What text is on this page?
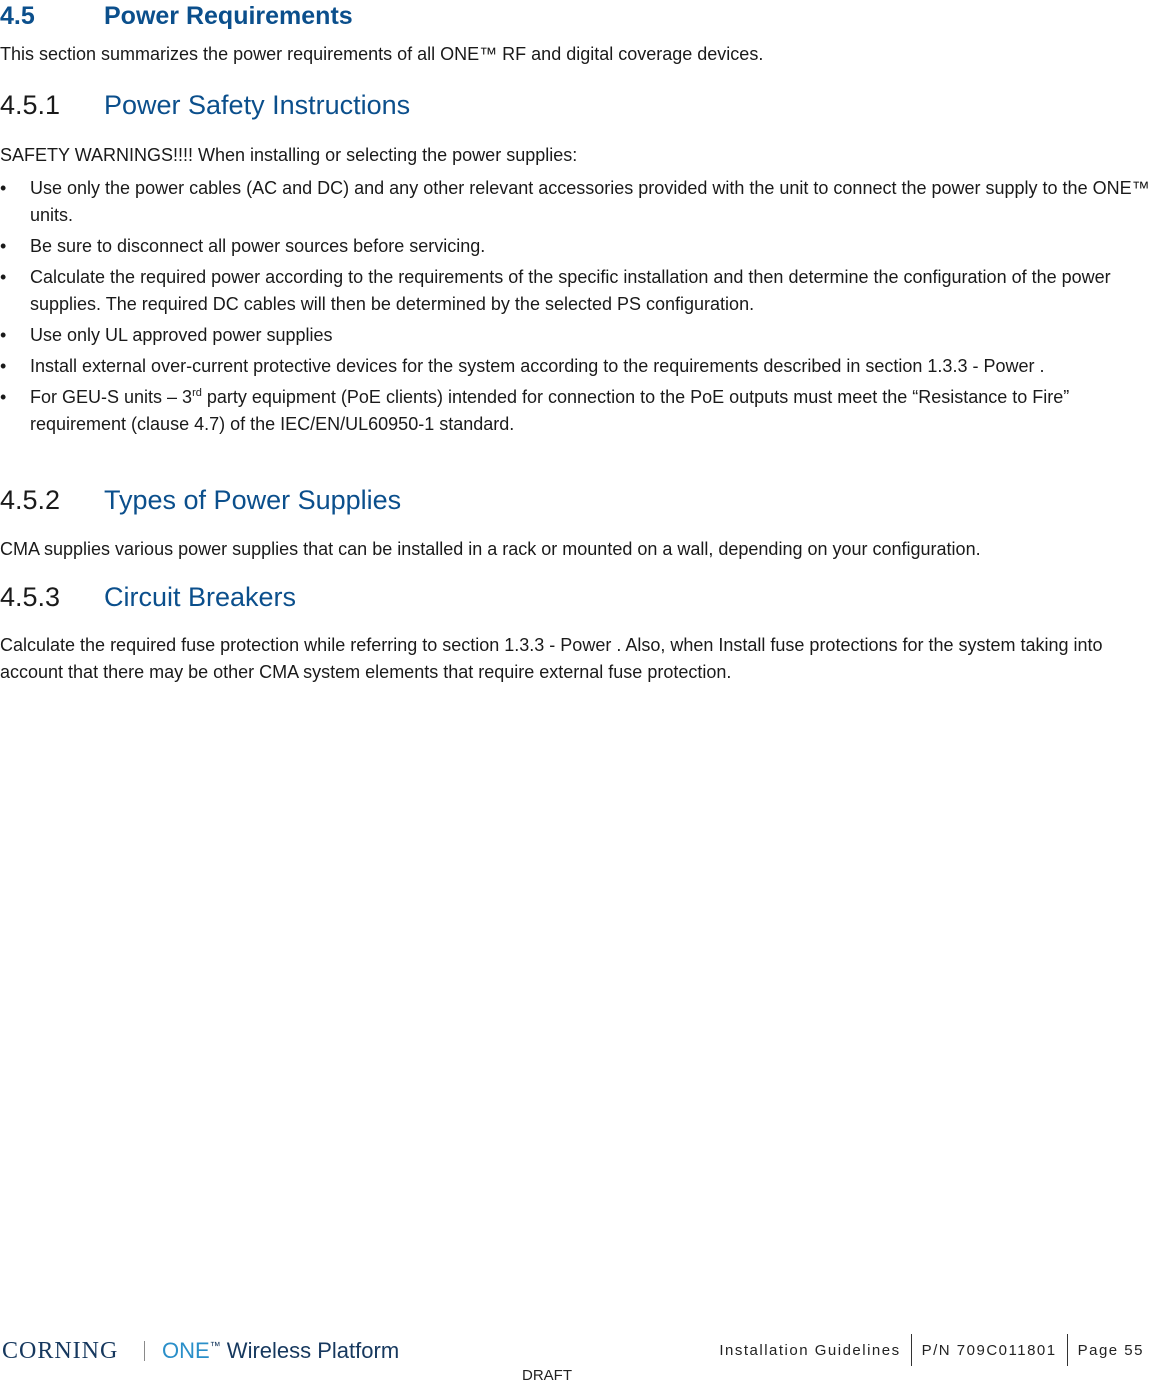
4.5	Power Requirements
This section summarizes the power requirements of all ONE™ RF and digital coverage devices.
4.5.1 Power Safety Instructions
SAFETY WARNINGS!!!! When installing or selecting the power supplies:
•	Use only the power cables (AC and DC) and any other relevant accessories provided with the unit to connect the power supply to the ONE™ units.
•	Be sure to disconnect all power sources before servicing.
•	Calculate the required power according to the requirements of the specific installation and then determine the configuration of the power supplies. The required DC cables will then be determined by the selected PS configuration.
•	Use only UL approved power supplies
•	Install external over-current protective devices for the system according to the requirements described in section 1.3.3 - Power .
•	For GEU-S units – 3rd party equipment (PoE clients) intended for connection to the PoE outputs must meet the “Resistance to Fire” requirement (clause 4.7) of the IEC/EN/UL60950-1 standard.
4.5.2 Types of Power Supplies
CMA supplies various power supplies that can be installed in a rack or mounted on a wall, depending on your configuration.
4.5.3 Circuit Breakers
Calculate the required fuse protection while referring to section 1.3.3 - Power . Also, when Install fuse protections for the system taking into account that there may be other CMA system elements that require external fuse protection.
CORNING ONE™ Wireless Platform	Installation Guidelines P/N 709C011801 Page 55
DRAFT
